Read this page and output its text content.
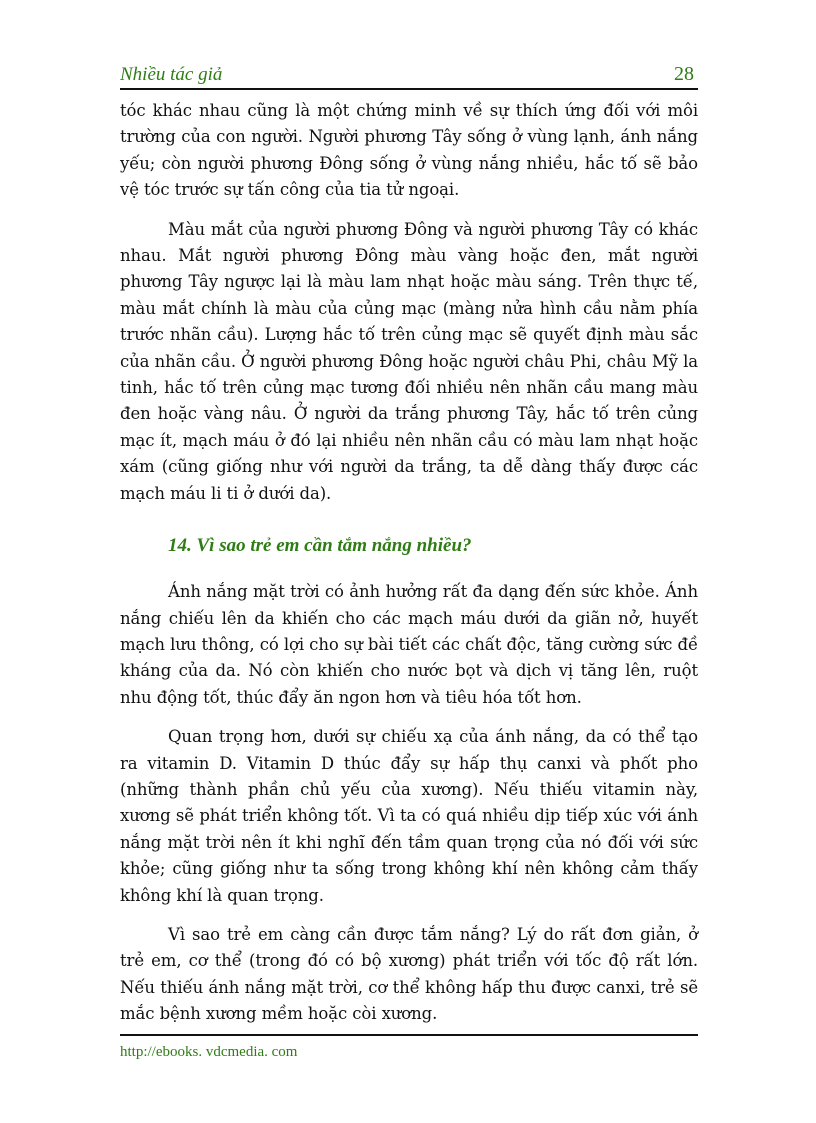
Nhiều tác giả	28

tóc khác nhau cũng là một chứng minh về sự thích ứng đối với môi trường của con người. Người phương Tây sống ở vùng lạnh, ánh nắng yếu; còn người phương Đông sống ở vùng nắng nhiều, hắc tố sẽ bảo vệ tóc trước sự tấn công của tia tử ngoại.

Màu mắt của người phương Đông và người phương Tây có khác nhau. Mắt người phương Đông màu vàng hoặc đen, mắt người phương Tây ngược lại là màu lam nhạt hoặc màu sáng. Trên thực tế, màu mắt chính là màu của củng mạc (màng nửa hình cầu nằm phía trước nhãn cầu). Lượng hắc tố trên củng mạc sẽ quyết định màu sắc của nhãn cầu. Ở người phương Đông hoặc người châu Phi, châu Mỹ la tinh, hắc tố trên củng mạc tương đối nhiều nên nhãn cầu mang màu đen hoặc vàng nâu. Ở người da trắng phương Tây, hắc tố trên củng mạc ít, mạch máu ở đó lại nhiều nên nhãn cầu có màu lam nhạt hoặc xám (cũng giống như với người da trắng, ta dễ dàng thấy được các mạch máu li ti ở dưới da).

14. Vì sao trẻ em cần tắm nắng nhiều?

Ánh nắng mặt trời có ảnh hưởng rất đa dạng đến sức khỏe. Ánh nắng chiếu lên da khiến cho các mạch máu dưới da giãn nở, huyết mạch lưu thông, có lợi cho sự bài tiết các chất độc, tăng cường sức đề kháng của da. Nó còn khiến cho nước bọt và dịch vị tăng lên, ruột nhu động tốt, thúc đẩy ăn ngon hơn và tiêu hóa tốt hơn.

Quan trọng hơn, dưới sự chiếu xạ của ánh nắng, da có thể tạo ra vitamin D. Vitamin D thúc đẩy sự hấp thụ canxi và phốt pho (những thành phần chủ yếu của xương). Nếu thiếu vitamin này, xương sẽ phát triển không tốt. Vì ta có quá nhiều dịp tiếp xúc với ánh nắng mặt trời nên ít khi nghĩ đến tầm quan trọng của nó đối với sức khỏe; cũng giống như ta sống trong không khí nên không cảm thấy không khí là quan trọng.

Vì sao trẻ em càng cần được tắm nắng? Lý do rất đơn giản, ở trẻ em, cơ thể (trong đó có bộ xương) phát triển với tốc độ rất lớn. Nếu thiếu ánh nắng mặt trời, cơ thể không hấp thu được canxi, trẻ sẽ mắc bệnh xương mềm hoặc còi xương.

http://ebooks. vdcmedia. com
